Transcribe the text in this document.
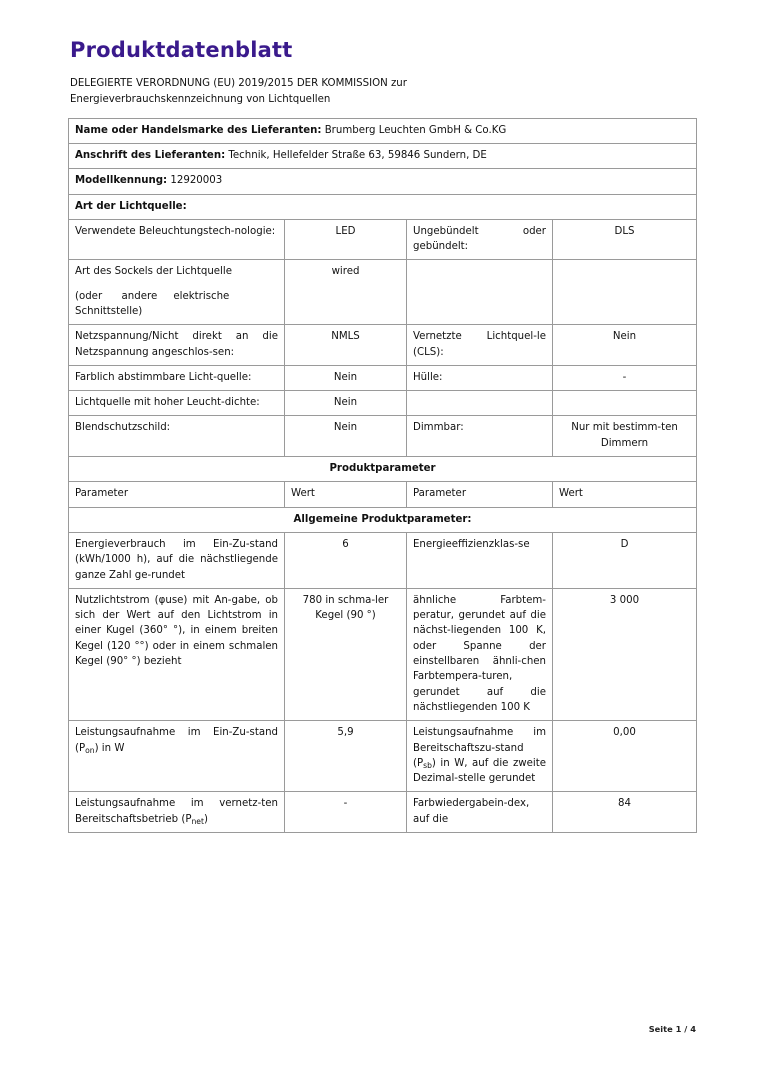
Produktdatenblatt
DELEGIERTE VERORDNUNG (EU) 2019/2015 DER KOMMISSION zur
Energieverbrauchskennzeichnung von Lichtquellen
Name oder Handelsmarke des Lieferanten: Brumberg Leuchten GmbH & Co.KG			
Anschrift des Lieferanten: Technik, Hellefelder Straße 63, 59846 Sundern, DE			
Modellkennung: 12920003			
Art der Lichtquelle:			
Verwendete Beleuchtungstech-nologie:	LED	Ungebündelt oder gebündelt:	DLS

Art des Sockels der Lichtquelle
(oder      andere     elektrische
Schnittstelle)	wired		
Netzspannung/Nicht direkt an die Netzspannung angeschlos-sen:	NMLS	Vernetzte Lichtquel-le (CLS):	Nein
Farblich abstimmbare Licht-quelle:	Nein	Hülle:	-
Lichtquelle mit hoher Leucht-dichte:	Nein		
Blendschutzschild:	Nein	Dimmbar:	Nur mit bestimm-ten Dimmern
Produktparameter			
Parameter	Wert	Parameter	Wert
Allgemeine Produktparameter:			
Energieverbrauch im Ein-Zu-stand (kWh/1000 h), auf die nächstliegende ganze Zahl ge-rundet	6	Energieeffizienzklas-se	D
Nutzlichtstrom (φuse) mit An-gabe, ob sich der Wert auf den Lichtstrom in einer Kugel (360° °), in einem breiten Kegel (120 °°) oder in einem schmalen Kegel (90° °) bezieht	780 in schma-ler Kegel (90 °)	ähnliche Farbtem-peratur, gerundet auf die nächst-liegenden 100 K, oder Spanne der einstellbaren ähnli-chen Farbtempera-turen, gerundet auf die nächstliegenden 100 K	3 000
Leistungsaufnahme im Ein-Zu-stand $(P_{on})$ in W	5,9	Leistungsaufnahme im Bereitschaftszu-stand $(P_{sb})$ in W, auf die zweite Dezimal-stelle gerundet	0,00
Leistungsaufnahme im vernetz-ten Bereitschaftsbetrieb $(P_{net})$	-	Farbwiedergabein-dex, auf die	84
Seite 1 / 4
